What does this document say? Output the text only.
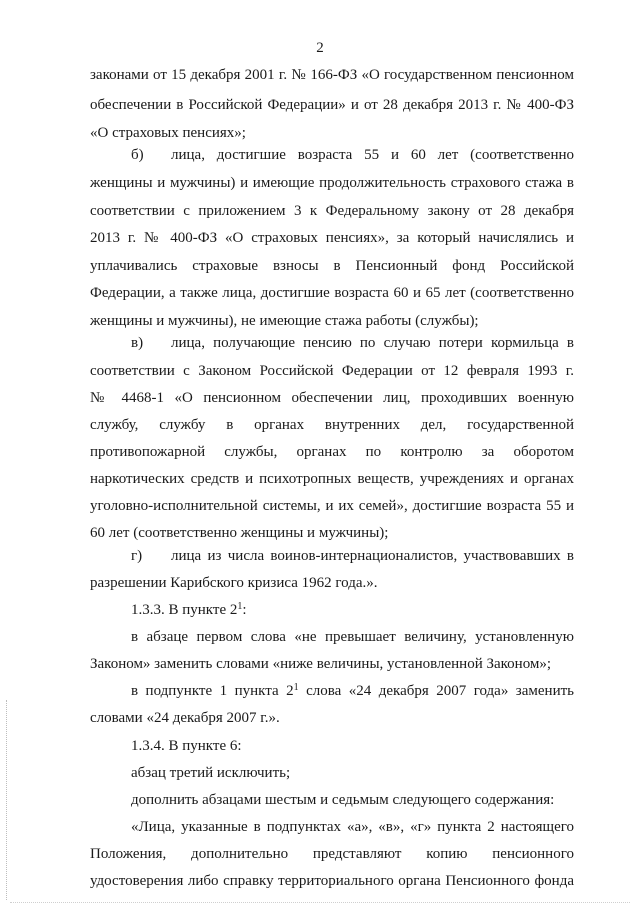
2
законами от 15 декабря 2001 г. № 166-ФЗ «О государственном пенсионном
обеспечении в Российской Федерации» и от 28 декабря 2013 г. № 400-ФЗ
«О страховых пенсиях»;
б) лица, достигшие возраста 55 и 60 лет (соответственно
женщины и мужчины) и имеющие продолжительность страхового стажа в
соответствии с приложением 3 к Федеральному закону от 28 декабря
2013 г. № 400-ФЗ «О страховых пенсиях», за который начислялись и
уплачивались страховые взносы в Пенсионный фонд Российской
Федерации, а также лица, достигшие возраста 60 и 65 лет (соответственно
женщины и мужчины), не имеющие стажа работы (службы);
в) лица, получающие пенсию по случаю потери кормильца в
соответствии с Законом Российской Федерации от 12 февраля 1993 г.
№ 4468-1 «О пенсионном обеспечении лиц, проходивших военную
службу, службу в органах внутренних дел, государственной
противопожарной службы, органах по контролю за оборотом
наркотических средств и психотропных веществ, учреждениях и органах
уголовно-исполнительной системы, и их семей», достигшие возраста 55 и
60 лет (соответственно женщины и мужчины);
г) лица из числа воинов-интернационалистов, участвовавших в
разрешении Карибского кризиса 1962 года.».
1.3.3. В пункте $2^1$:
в абзаце первом слова «не превышает величину, установленную
Законом» заменить словами «ниже величины, установленной Законом»;
в подпункте 1 пункта $2^1$ слова «24 декабря 2007 года» заменить
словами «24 декабря 2007 г.».
1.3.4. В пункте 6:
абзац третий исключить;
дополнить абзацами шестым и седьмым следующего содержания:
«Лица, указанные в подпунктах «а», «в», «г» пункта 2 настоящего
Положения, дополнительно представляют копию пенсионного
удостоверения либо справку территориального органа Пенсионного фонда
